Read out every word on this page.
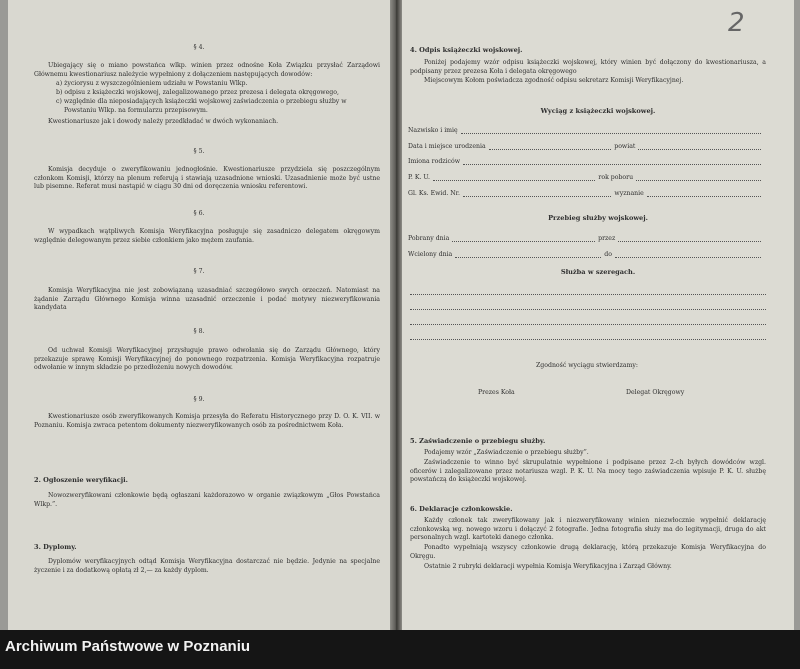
§ 4.
Ubiegający się o miano powstańca wlkp. winien przez odnośne Koła Związku przysłać Zarządowi Głównemu kwestionariusz należycie wypełniony z dołączeniem następujących dowodów:
a) życiorysu z wyszczególnieniem udziału w Powstaniu Wlkp.
b) odpisu z książeczki wojskowej, zalegalizowanego przez prezesa i delegata okręgowego,
c) względnie dla nieposiadających książeczki wojskowej zaświadczenia o przebiegu służby w Powstaniu Wlkp. na formularzu przepisowym.
Kwestionariusze jak i dowody należy przedkładać w dwóch wykonaniach.
§ 5.
Komisja decyduje o zweryfikowaniu jednogłośnie. Kwestionariusze przydziela się poszczególnym członkom Komisji, którzy na plenum referują i stawiają uzasadnione wnioski. Uzasadnienie może być ustne lub pisemne. Referat musi nastąpić w ciągu 30 dni od doręczenia wniosku referentowi.
§ 6.
W wypadkach wątpliwych Komisja Weryfikacyjna posługuje się zasadniczo delegatem okręgowym względnie delegowanym przez siebie członkiem jako mężem zaufania.
§ 7.
Komisja Weryfikacyjna nie jest zobowiązaną uzasadniać szczegółowo swych orzeczeń. Natomiast na żądanie Zarządu Głównego Komisja winna uzasadnić orzeczenie i podać motywy niezweryfikowania kandydata
§ 8.
Od uchwał Komisji Weryfikacyjnej przysługuje prawo odwołania się do Zarządu Głównego, który przekazuje sprawę Komisji Weryfikacyjnej do ponownego rozpatrzenia. Komisja Weryfikacyjna rozpatruje odwołanie w innym składzie po przedłożeniu nowych dowodów.
§ 9.
Kwestionariusze osób zweryfikowanych Komisja przesyła do Referatu Historycznego przy D. O. K. VII. w Poznaniu. Komisja zwraca petentom dokumenty niezweryfikowanych osób za pośrednictwem Koła.
2. Ogłoszenie weryfikacji.
Nowozweryfikowani członkowie będą ogłaszani każdorazowo w organie związkowym „Głos Powstańca Wlkp.”.
3. Dyplomy.
Dyplomów weryfikacyjnych odtąd Komisja Weryfikacyjna dostarczać nie będzie. Jedynie na specjalne życzenie i za dodatkową opłatą zł 2,— za każdy dyplom.
2
4. Odpis książeczki wojskowej.
Poniżej podajemy wzór odpisu książeczki wojskowej, który winien być dołączony do kwestionariusza, a podpisany przez prezesa Koła i delegata okręgowego
Miejscowym Kołom poświadcza zgodność odpisu sekretarz Komisji Weryfikacyjnej.
Wyciąg z książeczki wojskowej.
Nazwisko i imię
Data i miejsce urodzenia	powiat
Imiona rodziców
P. K. U.	rok poboru
Gl. Ks. Ewid. Nr.	wyznanie
Przebieg służby wojskowej.
Pobrany dnia	przez
Wcielony dnia	do
Służba w szeregach.
Zgodność wyciągu stwierdzamy:
Prezes Koła	Delegat Okręgowy
5. Zaświadczenie o przebiegu służby.
Podajemy wzór „Zaświadczenie o przebiegu służby”.
Zaświadczenie to winno być skrupulatnie wypełnione i podpisane przez 2-ch byłych dowódców wzgl. oficerów i zalegalizowane przez notariusza wzgl. P. K. U. Na mocy tego zaświadczenia wpisuje P. K. U. służbę powstańczą do książeczki wojskowej.
6. Deklaracje członkowskie.
Każdy członek tak zweryfikowany jak i niezweryfikowany winien niezwłocznie wypełnić deklarację członkowską wg. nowego wzoru i dołączyć 2 fotografie. Jedna fotografia służy ma do legitymacji, druga do akt personalnych wzgl. kartoteki danego członka.
Ponadto wypełniają wszyscy członkowie drugą deklarację, którą przekazuje Komisja Weryfikacyjna do Okręgu.
Ostatnie 2 rubryki deklaracji wypełnia Komisja Weryfikacyjna i Zarząd Główny.
Archiwum Państwowe w Poznaniu
